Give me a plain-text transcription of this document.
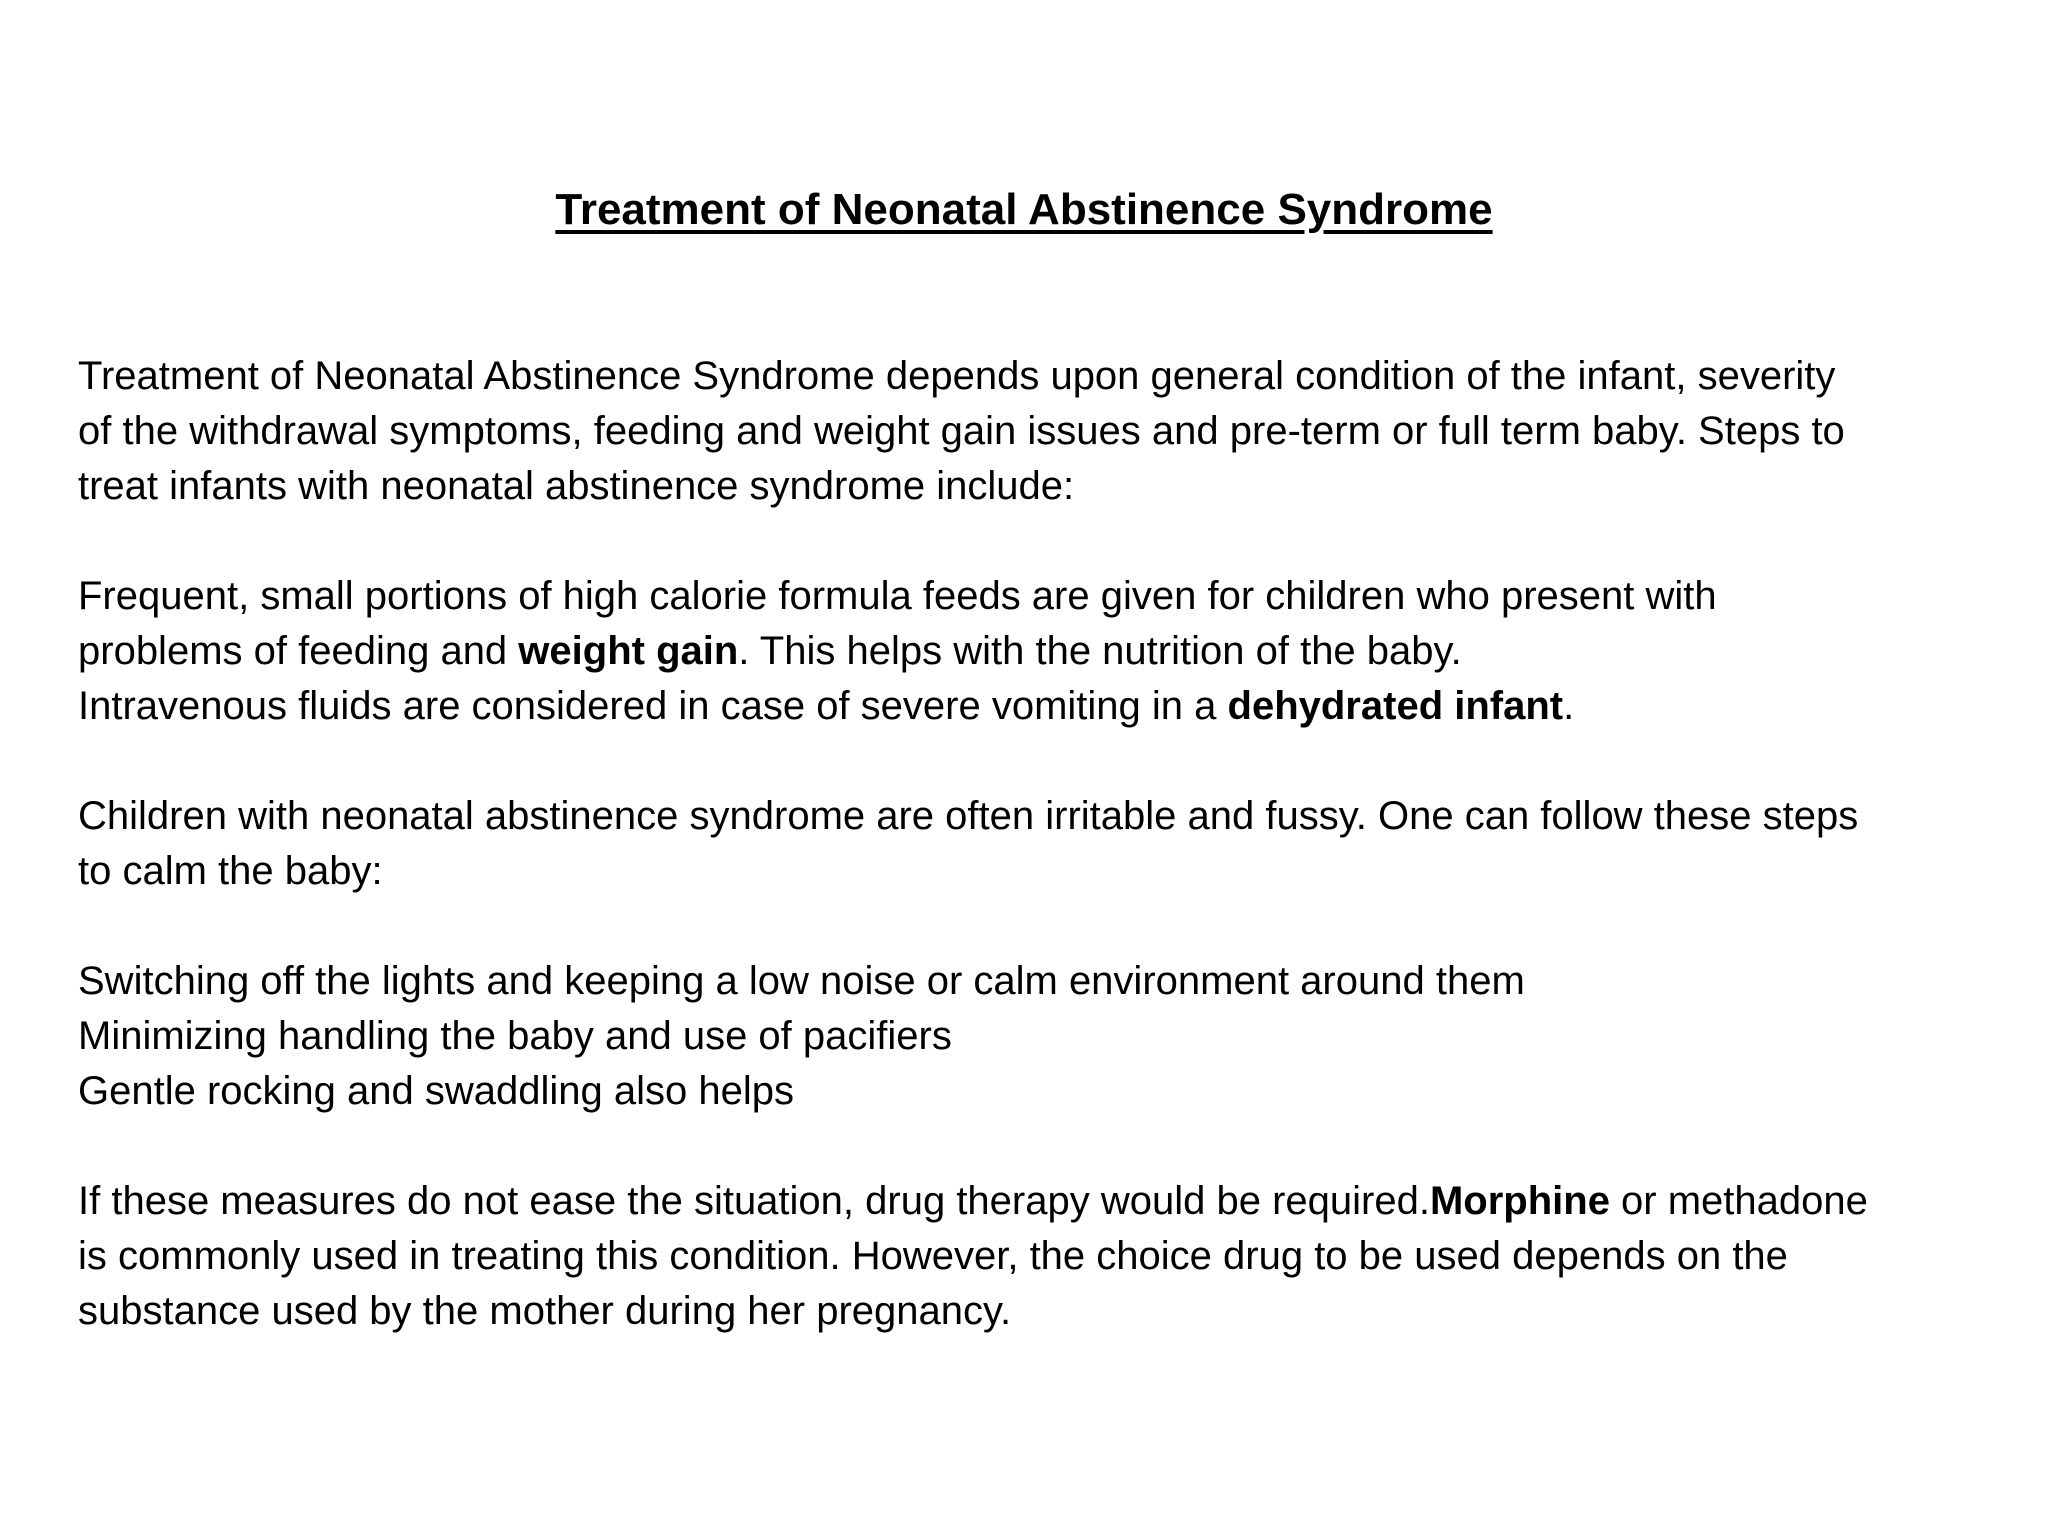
Treatment of Neonatal Abstinence Syndrome

Treatment of Neonatal Abstinence Syndrome depends upon general condition of the infant, severity
of the withdrawal symptoms, feeding and weight gain issues and pre-term or full term baby. Steps to
treat infants with neonatal abstinence syndrome include:

Frequent, small portions of high calorie formula feeds are given for children who present with
problems of feeding and weight gain. This helps with the nutrition of the baby.
Intravenous fluids are considered in case of severe vomiting in a dehydrated infant.

Children with neonatal abstinence syndrome are often irritable and fussy. One can follow these steps
to calm the baby:

Switching off the lights and keeping a low noise or calm environment around them
Minimizing handling the baby and use of pacifiers
Gentle rocking and swaddling also helps

If these measures do not ease the situation, drug therapy would be required.Morphine or methadone
is commonly used in treating this condition. However, the choice drug to be used depends on the
substance used by the mother during her pregnancy.
